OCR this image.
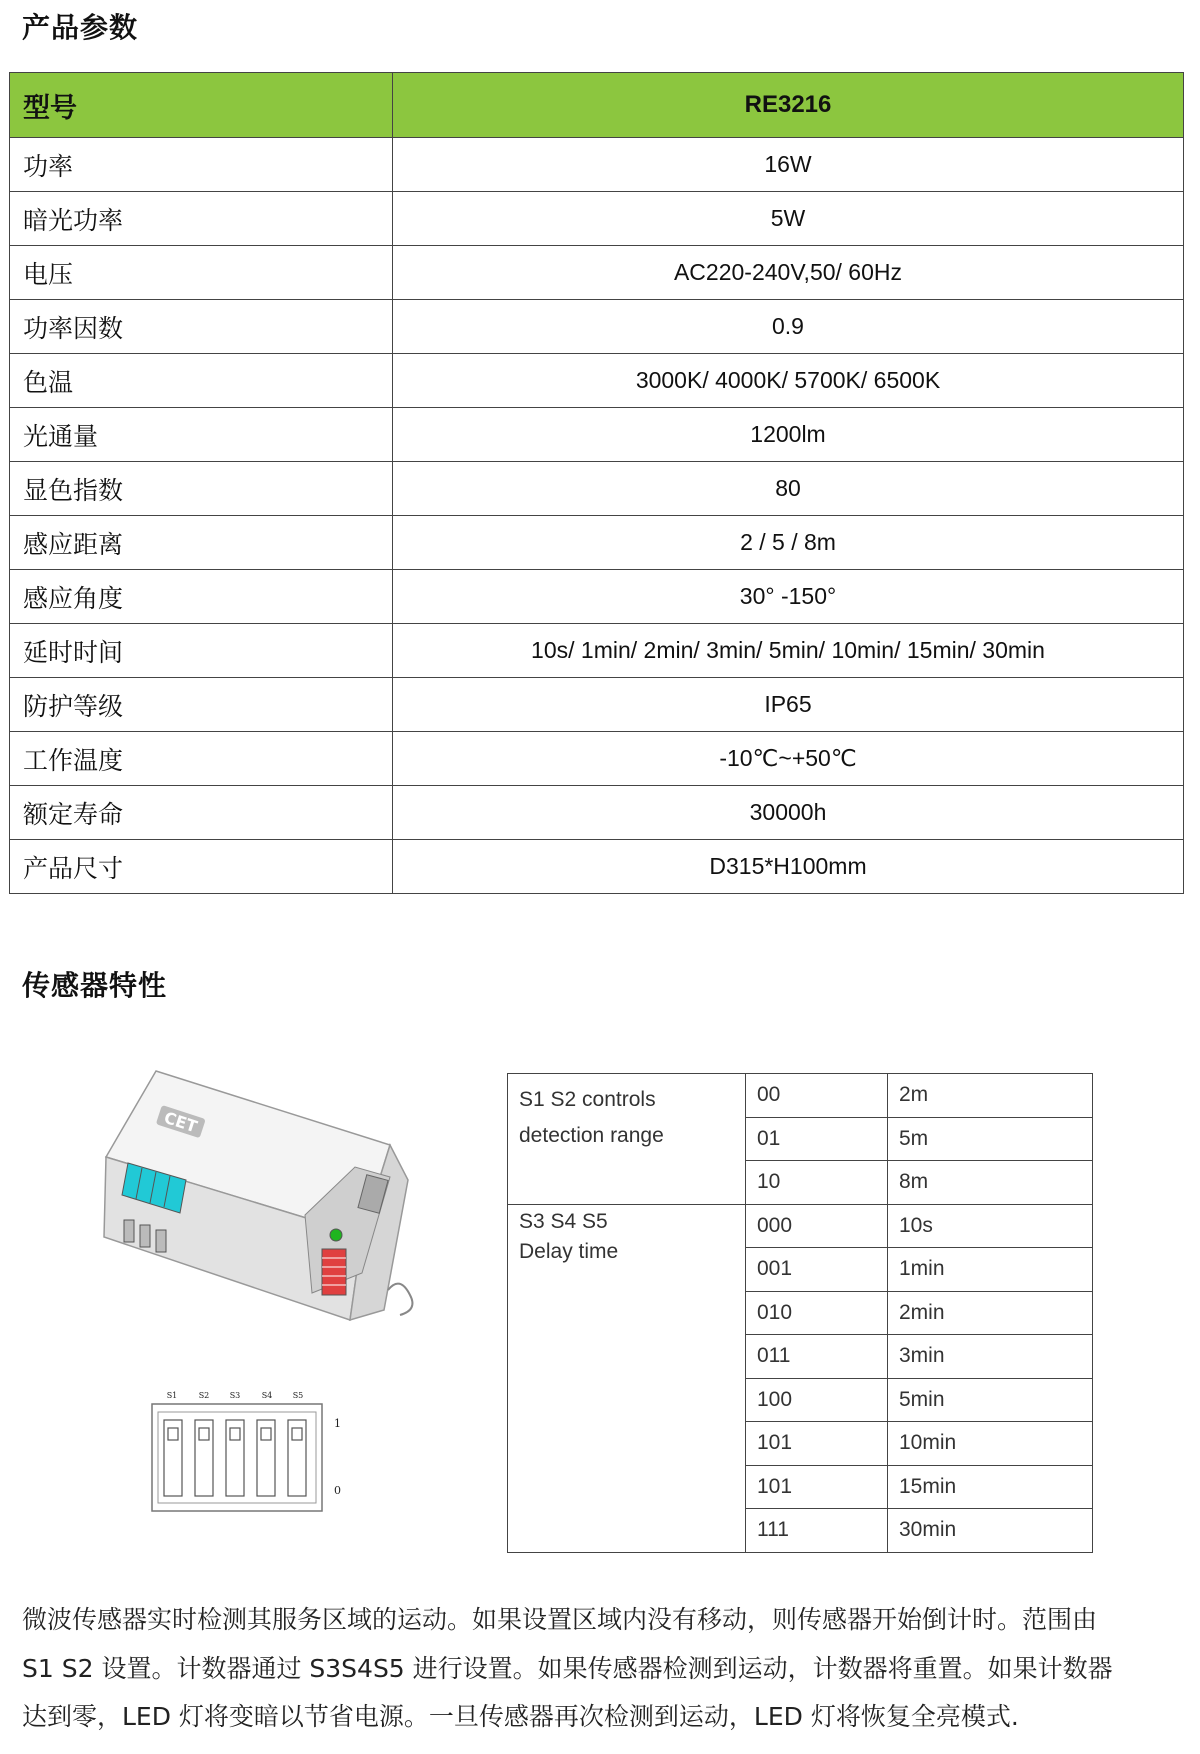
产品参数
型号	RE3216
功率	16W
暗光功率	5W
电压	AC220-240V,50/ 60Hz
功率因数	0.9
色温	3000K/ 4000K/ 5700K/ 6500K
光通量	1200lm
显色指数	80
感应距离	2 / 5 / 8m
感应角度	30° -150°
延时时间	10s/ 1min/ 2min/ 3min/ 5min/ 10min/ 15min/ 30min
防护等级	IP65
工作温度	-10℃~+50℃
额定寿命	30000h
产品尺寸	D315*H100mm
传感器特性
CET
S1	S2	S3	S4	S5
1
0
S1 S2 controls
detection range	00	2m
	01	5m
	10	8m
S3 S4 S5
Delay time	000	10s
	001	1min
	010	2min
	011	3min
	100	5min
	101	10min
	101	15min
	111	30min
微波传感器实时检测其服务区域的运动。如果设置区域内没有移动，则传感器开始倒计时。范围由
S1 S2 设置。计数器通过 S3S4S5 进行设置。如果传感器检测到运动，计数器将重置。如果计数器
达到零，LED 灯将变暗以节省电源。一旦传感器再次检测到运动，LED 灯将恢复全亮模式.
